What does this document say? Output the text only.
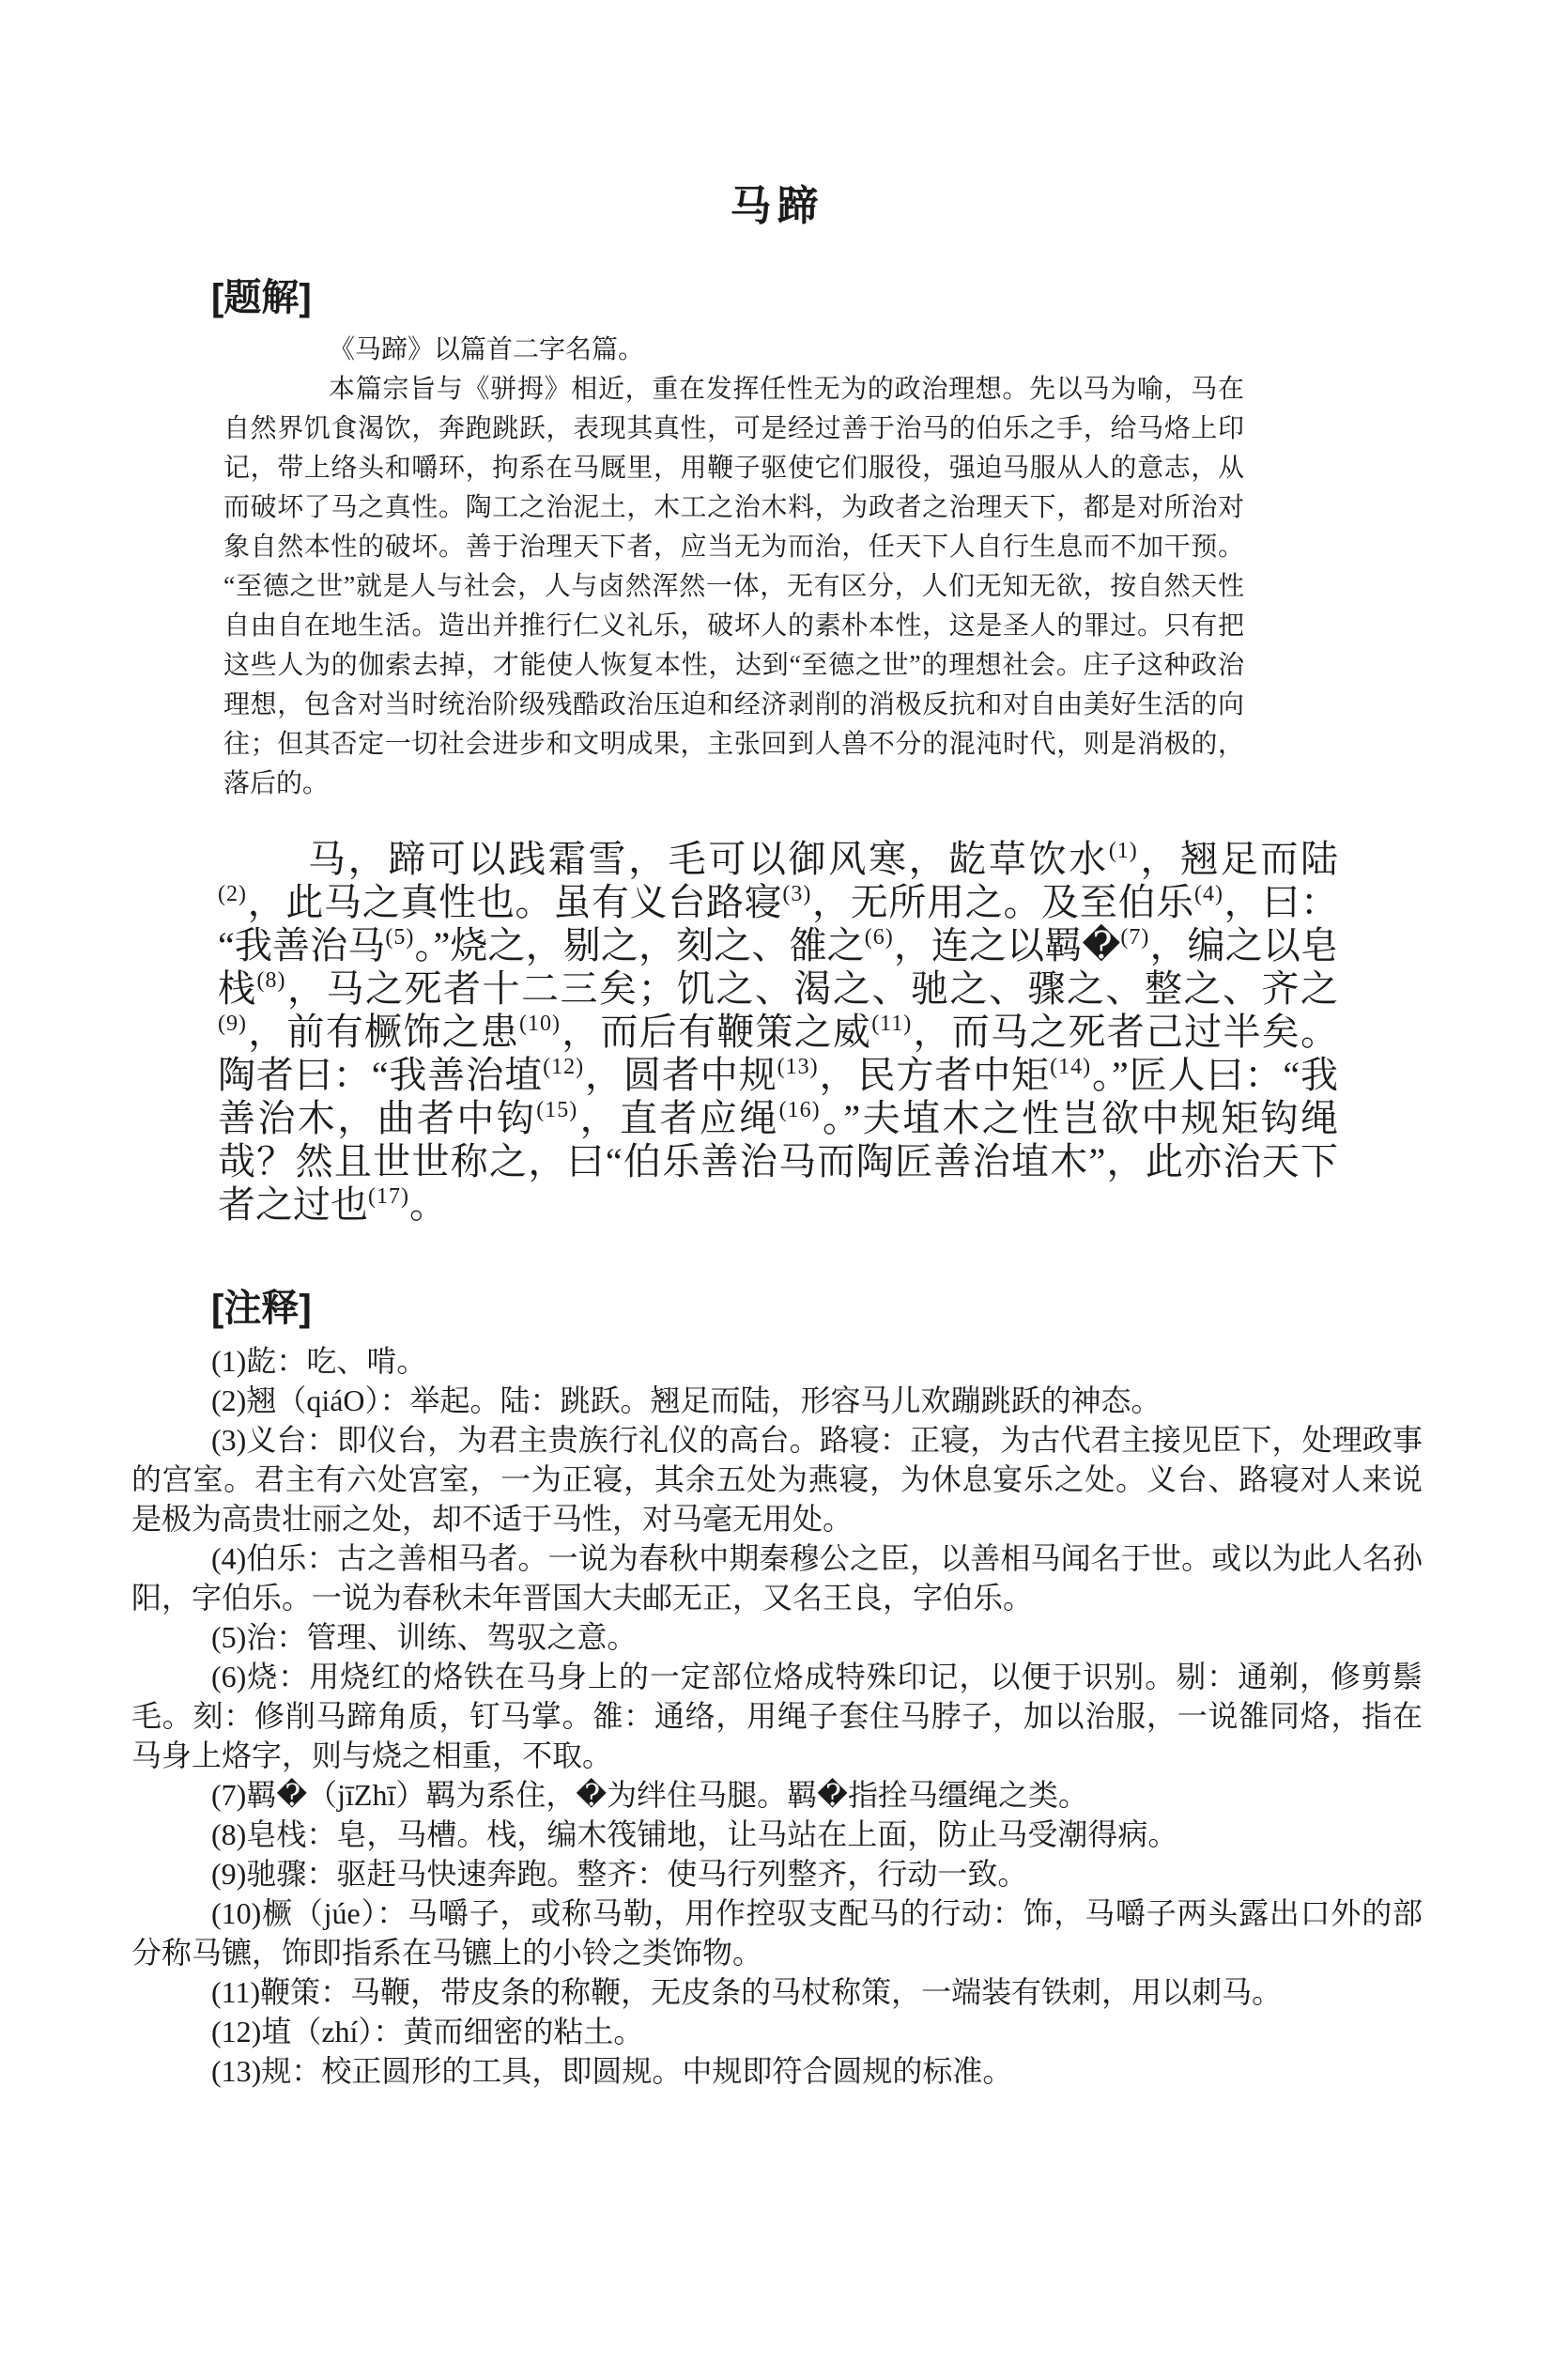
马蹄
[题解]

《马蹄》以篇首二字名篇。

本篇宗旨与《骈拇》相近，重在发挥任性无为的政治理想。先以马为喻，马在自然界饥食渴饮，奔跑跳跃，表现其真性，可是经过善于治马的伯乐之手，给马烙上印记，带上络头和嚼环，拘系在马厩里，用鞭子驱使它们服役，强迫马服从人的意志，从而破坏了马之真性。陶工之治泥土，木工之治木料，为政者之治理天下，都是对所治对象自然本性的破坏。善于治理天下者，应当无为而治，任天下人自行生息而不加干预。“至德之世”就是人与社会，人与卤然浑然一体，无有区分，人们无知无欲，按自然天性自由自在地生活。造出并推行仁义礼乐，破坏人的素朴本性，这是圣人的罪过。只有把这些人为的伽索去掉，才能使人恢复本性，达到“至德之世”的理想社会。庄子这种政治理想，包含对当时统治阶级残酷政治压迫和经济剥削的消极反抗和对自由美好生活的向往；但其否定一切社会进步和文明成果，主张回到人兽不分的混沌时代，则是消极的，落后的。

马，蹄可以践霜雪，毛可以御风寒，龁草饮水$^{(1)}$，翘足而陆$^{(2)}$，此马之真性也。虽有义台路寝$^{(3)}$，无所用之。及至伯乐$^{(4)}$，曰：“我善治马$^{(5)}$。”烧之，剔之，刻之、雒之$^{(6)}$，连之以羁�$^{(7)}$，编之以皂栈$^{(8)}$，马之死者十二三矣；饥之、渴之、驰之、骤之、整之、齐之$^{(9)}$，前有橛饰之患$^{(10)}$，而后有鞭策之威$^{(11)}$，而马之死者己过半矣。陶者曰：“我善治埴$^{(12)}$，圆者中规$^{(13)}$，民方者中矩$^{(14)}$。”匠人曰：“我善治木，曲者中钩$^{(15)}$，直者应绳$^{(16)}$。”夫埴木之性岂欲中规矩钩绳哉？然且世世称之，曰“伯乐善治马而陶匠善治埴木”，此亦治天下者之过也$^{(17)}$。

[注释]
(1)龁：吃、啃。
(2)翘（qiáO）：举起。陆：跳跃。翘足而陆，形容马儿欢蹦跳跃的神态。
(3)义台：即仪台，为君主贵族行礼仪的高台。路寝：正寝，为古代君主接见臣下，处理政事的宫室。君主有六处宫室，一为正寝，其余五处为燕寝，为休息宴乐之处。义台、路寝对人来说是极为高贵壮丽之处，却不适于马性，对马毫无用处。
(4)伯乐：古之善相马者。一说为春秋中期秦穆公之臣，以善相马闻名于世。或以为此人名孙阳，字伯乐。一说为春秋未年晋国大夫邮无正，又名王良，字伯乐。
(5)治：管理、训练、驾驭之意。
(6)烧：用烧红的烙铁在马身上的一定部位烙成特殊印记，以便于识别。剔：通剃，修剪鬃毛。刻：修削马蹄角质，钉马掌。雒：通络，用绳子套住马脖子，加以治服，一说雒同烙，指在马身上烙字，则与烧之相重，不取。
(7)羁�（jīZhī）羁为系住，�为绊住马腿。羁�指拴马缰绳之类。
(8)皂栈：皂，马槽。栈，编木筏铺地，让马站在上面，防止马受潮得病。
(9)驰骤：驱赶马快速奔跑。整齐：使马行列整齐，行动一致。
(10)橛（júe）：马嚼子，或称马勒，用作控驭支配马的行动：饰，马嚼子两头露出口外的部分称马镳，饰即指系在马镳上的小铃之类饰物。
(11)鞭策：马鞭，带皮条的称鞭，无皮条的马杖称策，一端装有铁刺，用以刺马。
(12)埴（zhí）：黄而细密的粘土。
(13)规：校正圆形的工具，即圆规。中规即符合圆规的标准。
